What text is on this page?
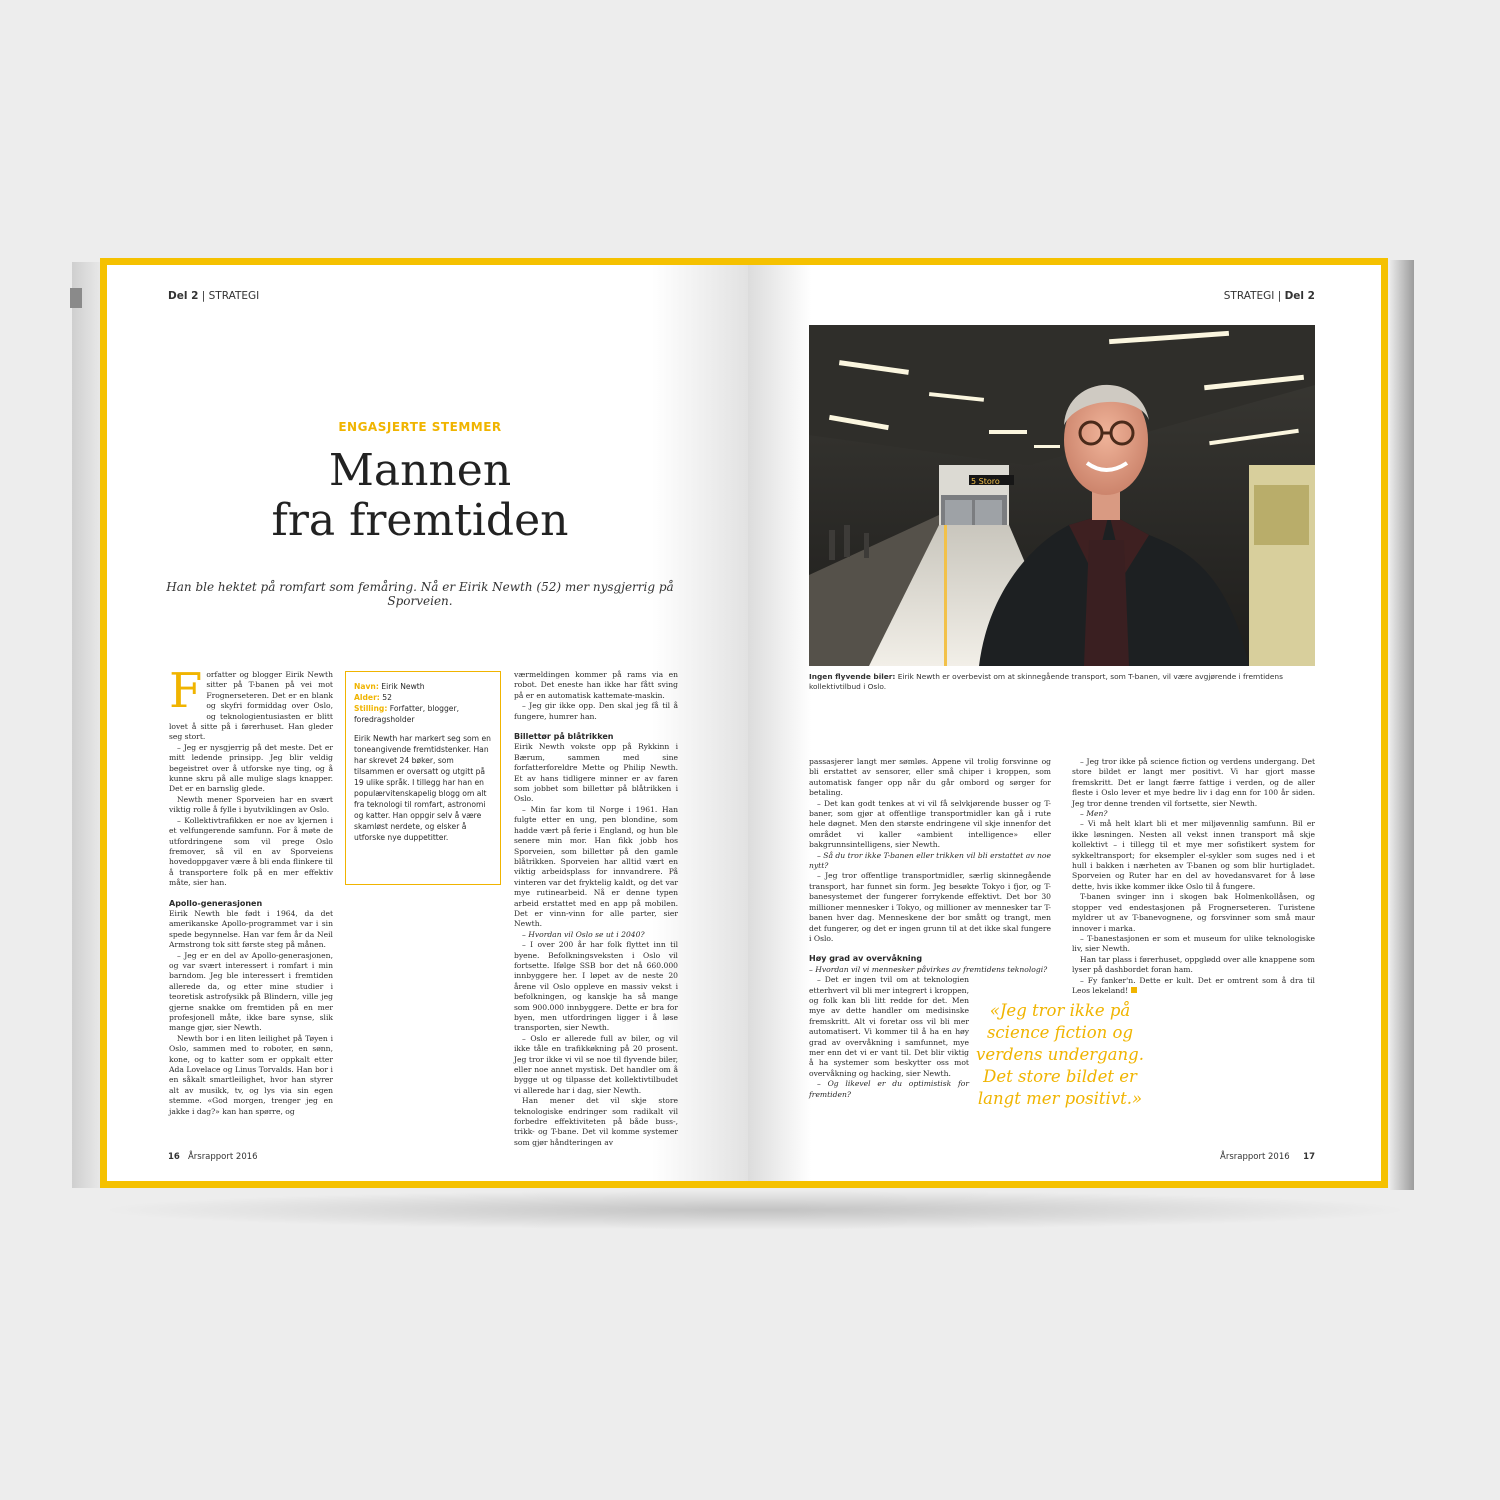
Del 2 | STRATEGI
ENGASJERTE STEMMER
Mannen
fra fremtiden
Han ble hektet på romfart som femåring. Nå er Eirik Newth (52) mer nysgjerrig på Sporveien.

Forfatter og blogger Eirik Newth sitter på T-banen på vei mot Frognerseteren. Det er en blank og skyfri formiddag over Oslo, og teknologientusiasten er blitt lovet å sitte på i førerhuset. Han gleder seg stort.

– Jeg er nysgjerrig på det meste. Det er mitt ledende prinsipp. Jeg blir veldig begeistret over å utforske nye ting, og å kunne skru på alle mulige slags knapper. Det er en barnslig glede.

Newth mener Sporveien har en svært viktig rolle å fylle i byutviklingen av Oslo.

– Kollektivtrafikken er noe av kjernen i et velfungerende samfunn. For å møte de utfordringene som vil prege Oslo fremover, så vil en av Sporveiens hovedoppgaver være å bli enda flinkere til å transportere folk på en mer effektiv måte, sier han.

Apollo-generasjonen

Eirik Newth ble født i 1964, da det amerikanske Apollo-programmet var i sin spede begynnelse. Han var fem år da Neil Armstrong tok sitt første steg på månen.

– Jeg er en del av Apollo-generasjonen, og var svært interessert i romfart i min barndom. Jeg ble interessert i fremtiden allerede da, og etter mine studier i teoretisk astrofysikk på Blindern, ville jeg gjerne snakke om fremtiden på en mer profesjonell måte, ikke bare synse, slik mange gjør, sier Newth.

Newth bor i en liten leilighet på Tøyen i Oslo, sammen med to roboter, en sønn, kone, og to katter som er oppkalt etter Ada Lovelace og Linus Torvalds. Han bor i en såkalt smartleilighet, hvor han styrer alt av musikk, tv, og lys via sin egen stemme. «God morgen, trenger jeg en jakke i dag?» kan han spørre, og

Navn: Eirik Newth
Alder: 52
Stilling: Forfatter, blogger, foredragsholder

Eirik Newth har markert seg som en toneangivende fremtidstenker. Han har skrevet 24 bøker, som tilsammen er oversatt og utgitt på 19 ulike språk. I tillegg har han en populærvitenskapelig blogg om alt fra teknologi til romfart, astronomi og katter. Han oppgir selv å være skamløst nerdete, og elsker å utforske nye duppetitter.

værmeldingen kommer på rams via en robot. Det eneste han ikke har fått sving på er en automatisk kattemate-maskin.

– Jeg gir ikke opp. Den skal jeg få til å fungere, humrer han.

Billettør på blåtrikken

Eirik Newth vokste opp på Rykkinn i Bærum, sammen med sine forfatterforeldre Mette og Philip Newth. Et av hans tidligere minner er av faren som jobbet som billettør på blåtrikken i Oslo.

– Min far kom til Norge i 1961. Han fulgte etter en ung, pen blondine, som hadde vært på ferie i England, og hun ble senere min mor. Han fikk jobb hos Sporveien, som billettør på den gamle blåtrikken. Sporveien har alltid vært en viktig arbeidsplass for innvandrere. På vinteren var det fryktelig kaldt, og det var mye rutinearbeid. Nå er denne typen arbeid erstattet med en app på mobilen. Det er vinn-vinn for alle parter, sier Newth.

– Hvordan vil Oslo se ut i 2040?

– I over 200 år har folk flyttet inn til byene. Befolkningsveksten i Oslo vil fortsette. Ifølge SSB bor det nå 660.000 innbyggere her. I løpet av de neste 20 årene vil Oslo oppleve en massiv vekst i befolkningen, og kanskje ha så mange som 900.000 innbyggere. Dette er bra for byen, men utfordringen ligger i å løse transporten, sier Newth.

– Oslo er allerede full av biler, og vil ikke tåle en trafikkøkning på 20 prosent. Jeg tror ikke vi vil se noe til flyvende biler, eller noe annet mystisk. Det handler om å bygge ut og tilpasse det kollektivtilbudet vi allerede har i dag, sier Newth.

Han mener det vil skje store teknologiske endringer som radikalt vil forbedre effektiviteten på både buss-, trikk- og T-bane. Det vil komme systemer som gjør håndteringen av

16 Årsrapport 2016
STRATEGI | Del 2
5 Storo
Ingen flyvende biler: Eirik Newth er overbevist om at skinnegående transport, som T-banen, vil være avgjørende i fremtidens kollektivtilbud i Oslo.

passasjerer langt mer sømløs. Appene vil trolig forsvinne og bli erstattet av sensorer, eller små chiper i kroppen, som automatisk fanger opp når du går ombord og sørger for betaling.

– Det kan godt tenkes at vi vil få selvkjørende busser og T-baner, som gjør at offentlige transportmidler kan gå i rute hele døgnet. Men den største endringene vil skje innenfor det området vi kaller «ambient intelligence» eller bakgrunnsintelligens, sier Newth.

– Så du tror ikke T-banen eller trikken vil bli erstattet av noe nytt?

– Jeg tror offentlige transportmidler, særlig skinnegående transport, har funnet sin form. Jeg besøkte Tokyo i fjor, og T-banesystemet der fungerer forrykende effektivt. Det bor 30 millioner mennesker i Tokyo, og millioner av mennesker tar T-banen hver dag. Menneskene der bor smått og trangt, men det fungerer, og det er ingen grunn til at det ikke skal fungere i Oslo.

Høy grad av overvåkning

– Hvordan vil vi mennesker påvirkes av fremtidens teknologi?

– Det er ingen tvil om at teknologien etterhvert vil bli mer integrert i kroppen, og folk kan bli litt redde for det. Men mye av dette handler om medisinske fremskritt. Alt vi foretar oss vil bli mer automatisert. Vi kommer til å ha en høy grad av overvåkning i samfunnet, mye mer enn det vi er vant til. Det blir viktig å ha systemer som beskytter oss mot overvåkning og hacking, sier Newth.

– Og likevel er du optimistisk for fremtiden?

«Jeg tror ikke på science fiction og verdens undergang. Det store bildet er langt mer positivt.»

– Jeg tror ikke på science fiction og verdens undergang. Det store bildet er langt mer positivt. Vi har gjort masse fremskritt. Det er langt færre fattige i verden, og de aller fleste i Oslo lever et mye bedre liv i dag enn for 100 år siden. Jeg tror denne trenden vil fortsette, sier Newth.

– Men?

– Vi må helt klart bli et mer miljøvennlig samfunn. Bil er ikke løsningen. Nesten all vekst innen transport må skje kollektivt – i tillegg til et mye mer sofistikert system for sykkeltransport; for eksempler el-sykler som suges ned i et hull i bakken i nærheten av T-banen og som blir hurtigladet. Sporveien og Ruter har en del av hovedansvaret for å løse dette, hvis ikke kommer ikke Oslo til å fungere.

T-banen svinger inn i skogen bak Holmenkollåsen, og stopper ved endestasjonen på Frognerseteren. Turistene myldrer ut av T-banevognene, og forsvinner som små maur innover i marka.

– T-banestasjonen er som et museum for ulike teknologiske liv, sier Newth.

Han tar plass i førerhuset, oppglødd over alle knappene som lyser på dashbordet foran ham.

– Fy fanker'n. Dette er kult. Det er omtrent som å dra til Leos lekeland!

Årsrapport 2016 17
